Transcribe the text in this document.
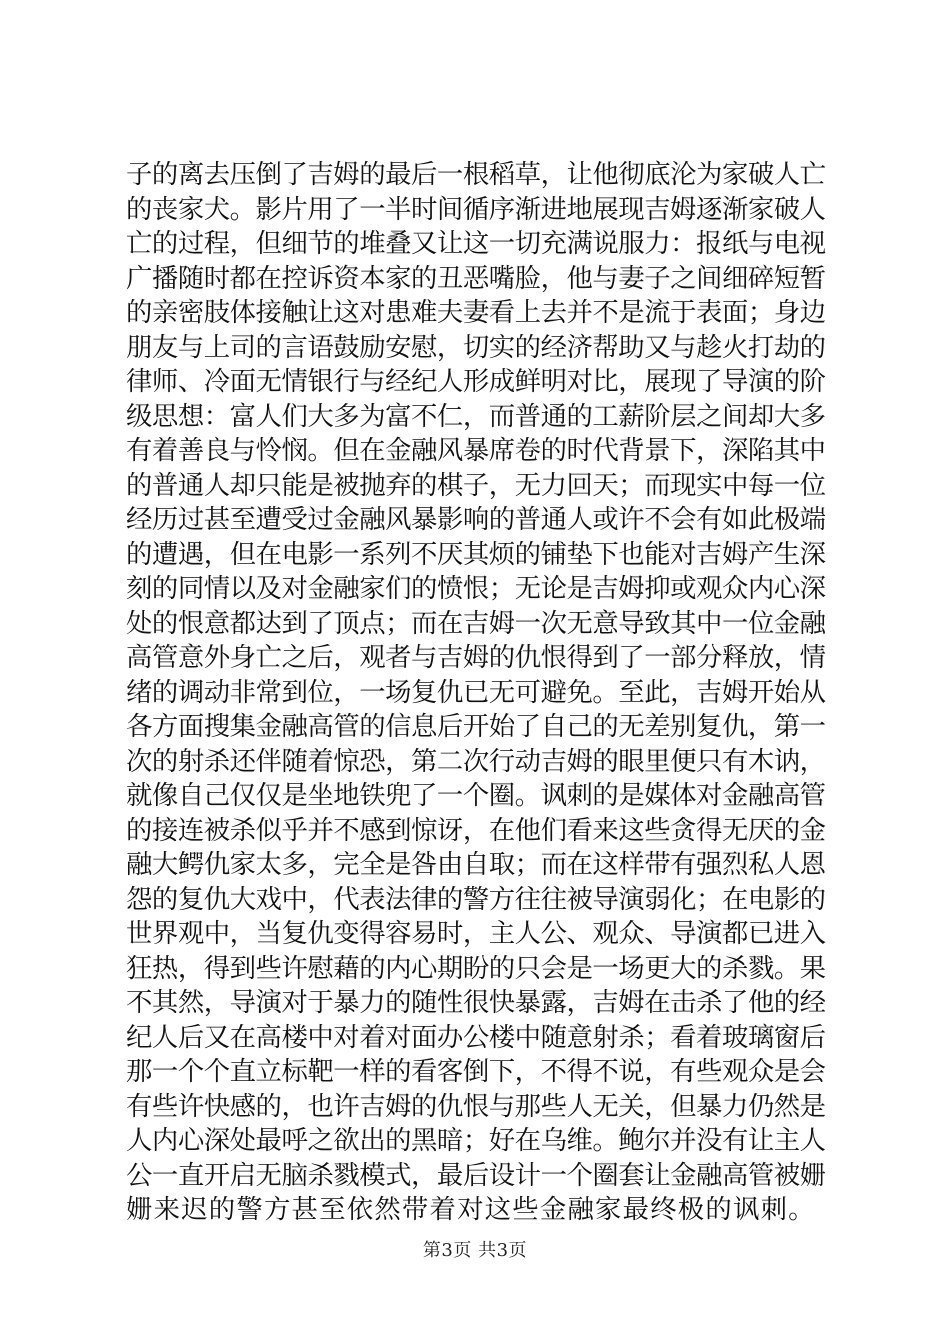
子的离去压倒了吉姆的最后一根稻草，让他彻底沦为家破人亡
的丧家犬。影片用了一半时间循序渐进地展现吉姆逐渐家破人
亡的过程，但细节的堆叠又让这一切充满说服力：报纸与电视
广播随时都在控诉资本家的丑恶嘴脸，他与妻子之间细碎短暂
的亲密肢体接触让这对患难夫妻看上去并不是流于表面；身边
朋友与上司的言语鼓励安慰，切实的经济帮助又与趁火打劫的
律师、冷面无情银行与经纪人形成鲜明对比，展现了导演的阶
级思想：富人们大多为富不仁，而普通的工薪阶层之间却大多
有着善良与怜悯。但在金融风暴席卷的时代背景下，深陷其中
的普通人却只能是被抛弃的棋子，无力回天；而现实中每一位
经历过甚至遭受过金融风暴影响的普通人或许不会有如此极端
的遭遇，但在电影一系列不厌其烦的铺垫下也能对吉姆产生深
刻的同情以及对金融家们的愤恨；无论是吉姆抑或观众内心深
处的恨意都达到了顶点；而在吉姆一次无意导致其中一位金融
高管意外身亡之后，观者与吉姆的仇恨得到了一部分释放，情
绪的调动非常到位，一场复仇已无可避免。至此，吉姆开始从
各方面搜集金融高管的信息后开始了自己的无差别复仇，第一
次的射杀还伴随着惊恐，第二次行动吉姆的眼里便只有木讷，
就像自己仅仅是坐地铁兜了一个圈。讽刺的是媒体对金融高管
的接连被杀似乎并不感到惊讶，在他们看来这些贪得无厌的金
融大鳄仇家太多，完全是咎由自取；而在这样带有强烈私人恩
怨的复仇大戏中，代表法律的警方往往被导演弱化；在电影的
世界观中，当复仇变得容易时，主人公、观众、导演都已进入
狂热，得到些许慰藉的内心期盼的只会是一场更大的杀戮。果
不其然，导演对于暴力的随性很快暴露，吉姆在击杀了他的经
纪人后又在高楼中对着对面办公楼中随意射杀；看着玻璃窗后
那一个个直立标靶一样的看客倒下，不得不说，有些观众是会
有些许快感的，也许吉姆的仇恨与那些人无关，但暴力仍然是
人内心深处最呼之欲出的黑暗；好在乌维。鲍尔并没有让主人
公一直开启无脑杀戮模式，最后设计一个圈套让金融高管被姗
姗来迟的警方甚至依然带着对这些金融家最终极的讽刺。
第3页 共3页
